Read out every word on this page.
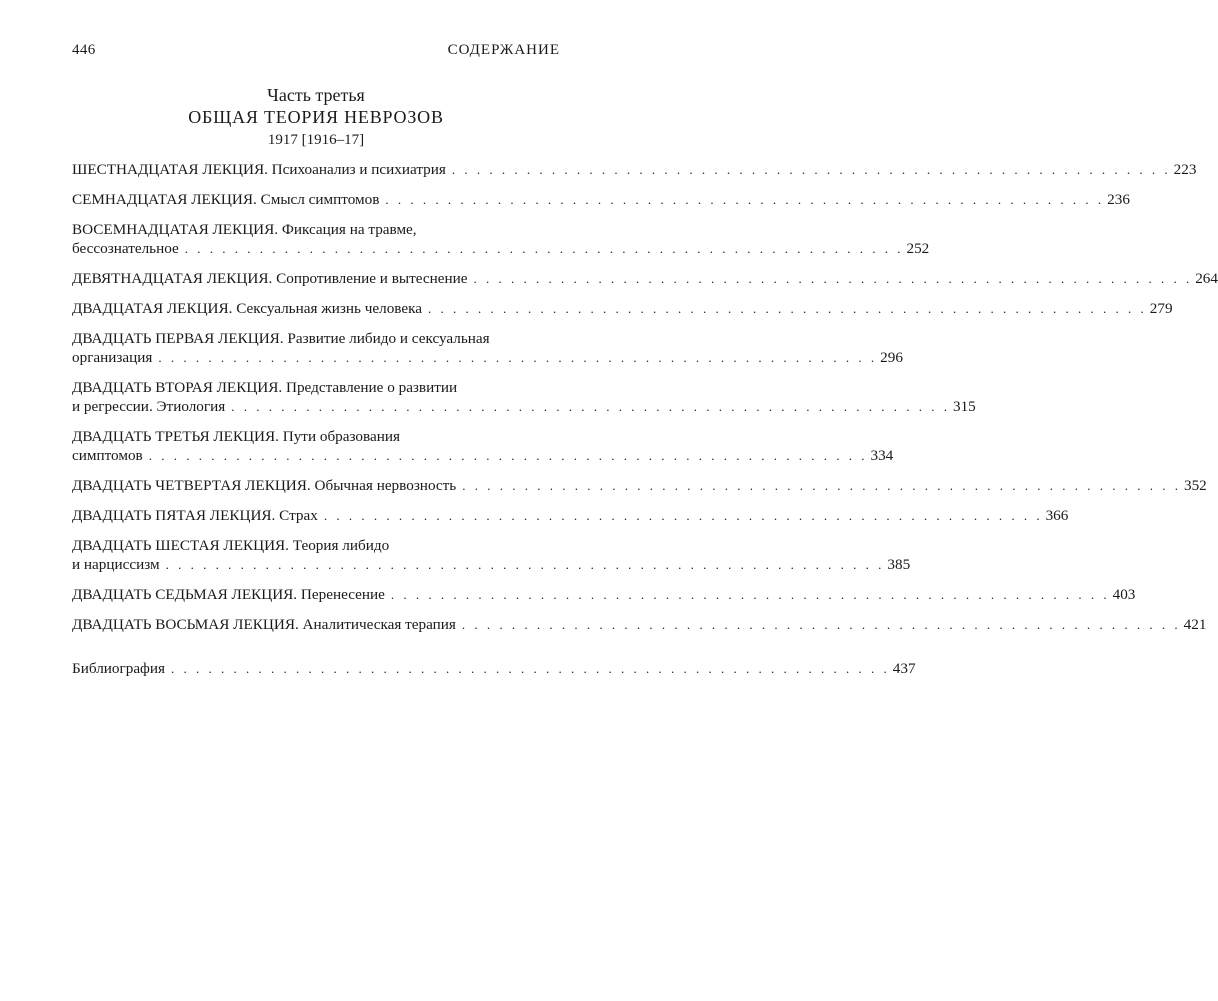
446	СОДЕРЖАНИЕ
Часть третья
ОБЩАЯ ТЕОРИЯ НЕВРОЗОВ
1917 [1916–17]
ШЕСТНАДЦАТАЯ ЛЕКЦИЯ. Психоанализ и психиатрия . . . . . . . . . . . . . . . . . . . . . . . . . . . . . . . . . . . . . . . . . . . . . . . . . . . . . . . . . . 223
СЕМНАДЦАТАЯ ЛЕКЦИЯ. Смысл симптомов . . . . . . . . . . . . . . . . . . . . . . . . . . . . . . . . . . . . . . . . . . . . . . . . . . . . . . . . . . 236
ВОСЕМНАДЦАТАЯ ЛЕКЦИЯ. Фиксация на травме,
бессознательное . . . . . . . . . . . . . . . . . . . . . . . . . . . . . . . . . . . . . . . . . . . . . . . . . . . . . . . . . . 252
ДЕВЯТНАДЦАТАЯ ЛЕКЦИЯ. Сопротивление и вытеснение . . . . . . . . . . . . . . . . . . . . . . . . . . . . . . . . . . . . . . . . . . . . . . . . . . . . . . . . . . 264
ДВАДЦАТАЯ ЛЕКЦИЯ. Сексуальная жизнь человека . . . . . . . . . . . . . . . . . . . . . . . . . . . . . . . . . . . . . . . . . . . . . . . . . . . . . . . . . . 279
ДВАДЦАТЬ ПЕРВАЯ ЛЕКЦИЯ. Развитие либидо и сексуальная
организация . . . . . . . . . . . . . . . . . . . . . . . . . . . . . . . . . . . . . . . . . . . . . . . . . . . . . . . . . . 296
ДВАДЦАТЬ ВТОРАЯ ЛЕКЦИЯ. Представление о развитии
и регрессии. Этиология . . . . . . . . . . . . . . . . . . . . . . . . . . . . . . . . . . . . . . . . . . . . . . . . . . . . . . . . . . 315
ДВАДЦАТЬ ТРЕТЬЯ ЛЕКЦИЯ. Пути образования
симптомов . . . . . . . . . . . . . . . . . . . . . . . . . . . . . . . . . . . . . . . . . . . . . . . . . . . . . . . . . . 334
ДВАДЦАТЬ ЧЕТВЕРТАЯ ЛЕКЦИЯ. Обычная нервозность . . . . . . . . . . . . . . . . . . . . . . . . . . . . . . . . . . . . . . . . . . . . . . . . . . . . . . . . . . 352
ДВАДЦАТЬ ПЯТАЯ ЛЕКЦИЯ. Страх . . . . . . . . . . . . . . . . . . . . . . . . . . . . . . . . . . . . . . . . . . . . . . . . . . . . . . . . . . 366
ДВАДЦАТЬ ШЕСТАЯ ЛЕКЦИЯ. Теория либидо
и нарциссизм . . . . . . . . . . . . . . . . . . . . . . . . . . . . . . . . . . . . . . . . . . . . . . . . . . . . . . . . . . 385
ДВАДЦАТЬ СЕДЬМАЯ ЛЕКЦИЯ. Перенесение . . . . . . . . . . . . . . . . . . . . . . . . . . . . . . . . . . . . . . . . . . . . . . . . . . . . . . . . . . 403
ДВАДЦАТЬ ВОСЬМАЯ ЛЕКЦИЯ. Аналитическая терапия . . . . . . . . . . . . . . . . . . . . . . . . . . . . . . . . . . . . . . . . . . . . . . . . . . . . . . . . . . 421
Библиография . . . . . . . . . . . . . . . . . . . . . . . . . . . . . . . . . . . . . . . . . . . . . . . . . . . . . . . . . . 437
